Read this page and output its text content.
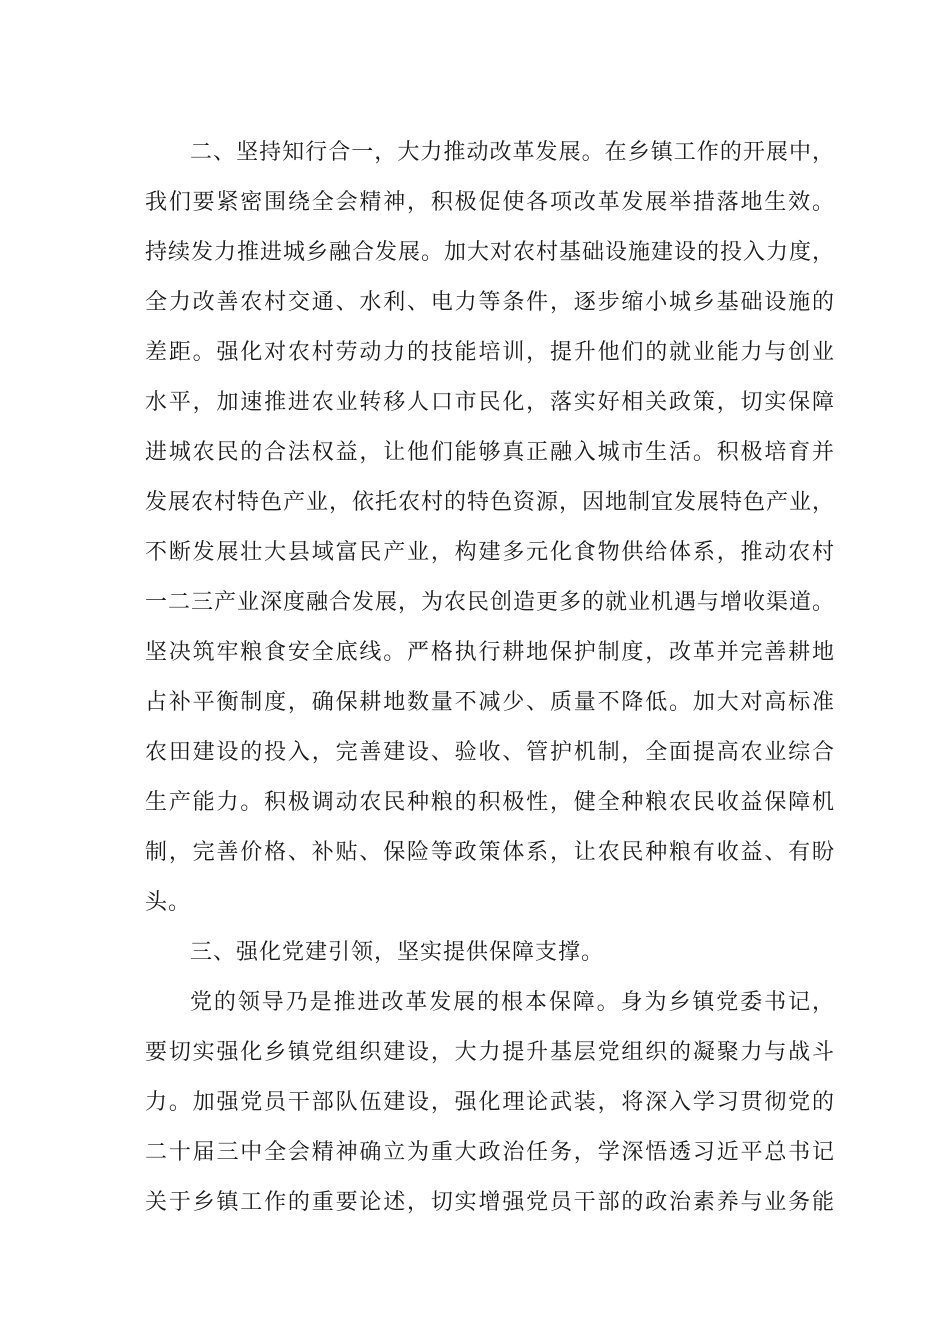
二、坚持知行合一，大力推动改革发展。在乡镇工作的开展中，
我们要紧密围绕全会精神，积极促使各项改革发展举措落地生效。
持续发力推进城乡融合发展。加大对农村基础设施建设的投入力度，
全力改善农村交通、水利、电力等条件，逐步缩小城乡基础设施的
差距。强化对农村劳动力的技能培训，提升他们的就业能力与创业
水平，加速推进农业转移人口市民化，落实好相关政策，切实保障
进城农民的合法权益，让他们能够真正融入城市生活。积极培育并
发展农村特色产业，依托农村的特色资源，因地制宜发展特色产业，
不断发展壮大县域富民产业，构建多元化食物供给体系，推动农村
一二三产业深度融合发展，为农民创造更多的就业机遇与增收渠道。
坚决筑牢粮食安全底线。严格执行耕地保护制度，改革并完善耕地
占补平衡制度，确保耕地数量不减少、质量不降低。加大对高标准
农田建设的投入，完善建设、验收、管护机制，全面提高农业综合
生产能力。积极调动农民种粮的积极性，健全种粮农民收益保障机
制，完善价格、补贴、保险等政策体系，让农民种粮有收益、有盼
头。
三、强化党建引领，坚实提供保障支撑。
党的领导乃是推进改革发展的根本保障。身为乡镇党委书记，
要切实强化乡镇党组织建设，大力提升基层党组织的凝聚力与战斗
力。加强党员干部队伍建设，强化理论武装，将深入学习贯彻党的
二十届三中全会精神确立为重大政治任务，学深悟透习近平总书记
关于乡镇工作的重要论述，切实增强党员干部的政治素养与业务能
